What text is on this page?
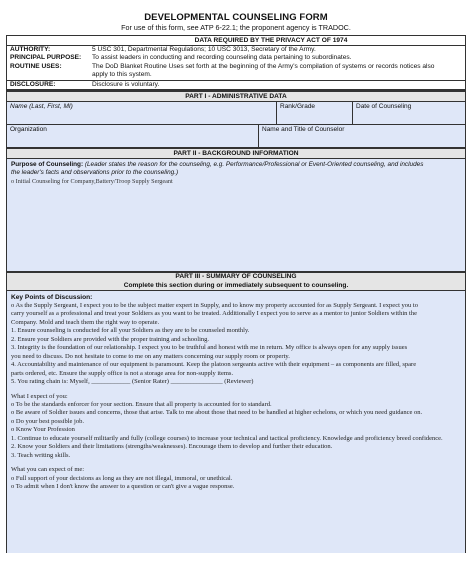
DEVELOPMENTAL COUNSELING FORM
For use of this form, see ATP 6-22.1; the proponent agency is TRADOC.
DATA REQUIRED BY THE PRIVACY ACT OF 1974
AUTHORITY:	5 USC 301, Departmental Regulations; 10 USC 3013, Secretary of the Army.
PRINCIPAL PURPOSE:	To assist leaders in conducting and recording counseling data pertaining to subordinates.
ROUTINE USES:	The DoD Blanket Routine Uses set forth at the beginning of the Army's compilation of systems or records notices also
apply to this system.
DISCLOSURE:	Disclosure is voluntary.
PART I - ADMINISTRATIVE DATA
Name (Last, First, MI)	Rank/Grade	Date of Counseling
Organization	Name and Title of Counselor
PART II - BACKGROUND INFORMATION
Purpose of Counseling: (Leader states the reason for the counseling, e.g. Performance/Professional or Event-Oriented counseling, and includes
the leader's facts and observations prior to the counseling.)
o Initial Counseling for Company,Battery/Troop Supply Sergeant
PART III - SUMMARY OF COUNSELING
Complete this section during or immediately subsequent to counseling.
Key Points of Discussion:
o As the Supply Sergeant, I expect you to be the subject matter expert in Supply, and to know my property accounted for as Supply Sergeant. I expect you to
carry yourself as a professional and treat your Soldiers as you want to be treated. Additionally I expect you to serve as a mentor to junior Soldiers within the
Company. Mold and teach them the right way to operate.
1. Ensure counseling is conducted for all your Soldiers as they are to be counseled monthly.
2. Ensure your Soldiers are provided with the proper training and schooling.
3. Integrity is the foundation of our relationship. I expect you to be truthful and honest with me in return. My office is always open for any supply issues
you need to discuss. Do not hesitate to come to me on any matters concerning our supply room or property.
4. Accountability and maintenance of our equipment is paramount. Keep the platoon sergeants active with their equipment – as components are filled, spare
parts ordered, etc. Ensure the supply office is not a storage area for non-supply items.
5. You rating chain is: Myself, ____________ (Senior Rater) ________________ (Reviewer)
What I expect of you:
o To be the standards enforcer for your section. Ensure that all property is accounted for to standard.
o Be aware of Soldier issues and concerns, those that arise. Talk to me about those that need to be handled at higher echelons, or which you need guidance on.
o Do your best possible job.
o Know Your Profession
1. Continue to educate yourself militarily and fully (college courses) to increase your technical and tactical proficiency. Knowledge and proficiency breed confidence.
2. Know your Soldiers and their limitations (strengths/weaknesses). Encourage them to develop and further their education.
3. Teach writing skills.
What you can expect of me:
o Full support of your decisions as long as they are not illegal, immoral, or unethical.
o To admit when I don't know the answer to a question or can't give a vague response.
